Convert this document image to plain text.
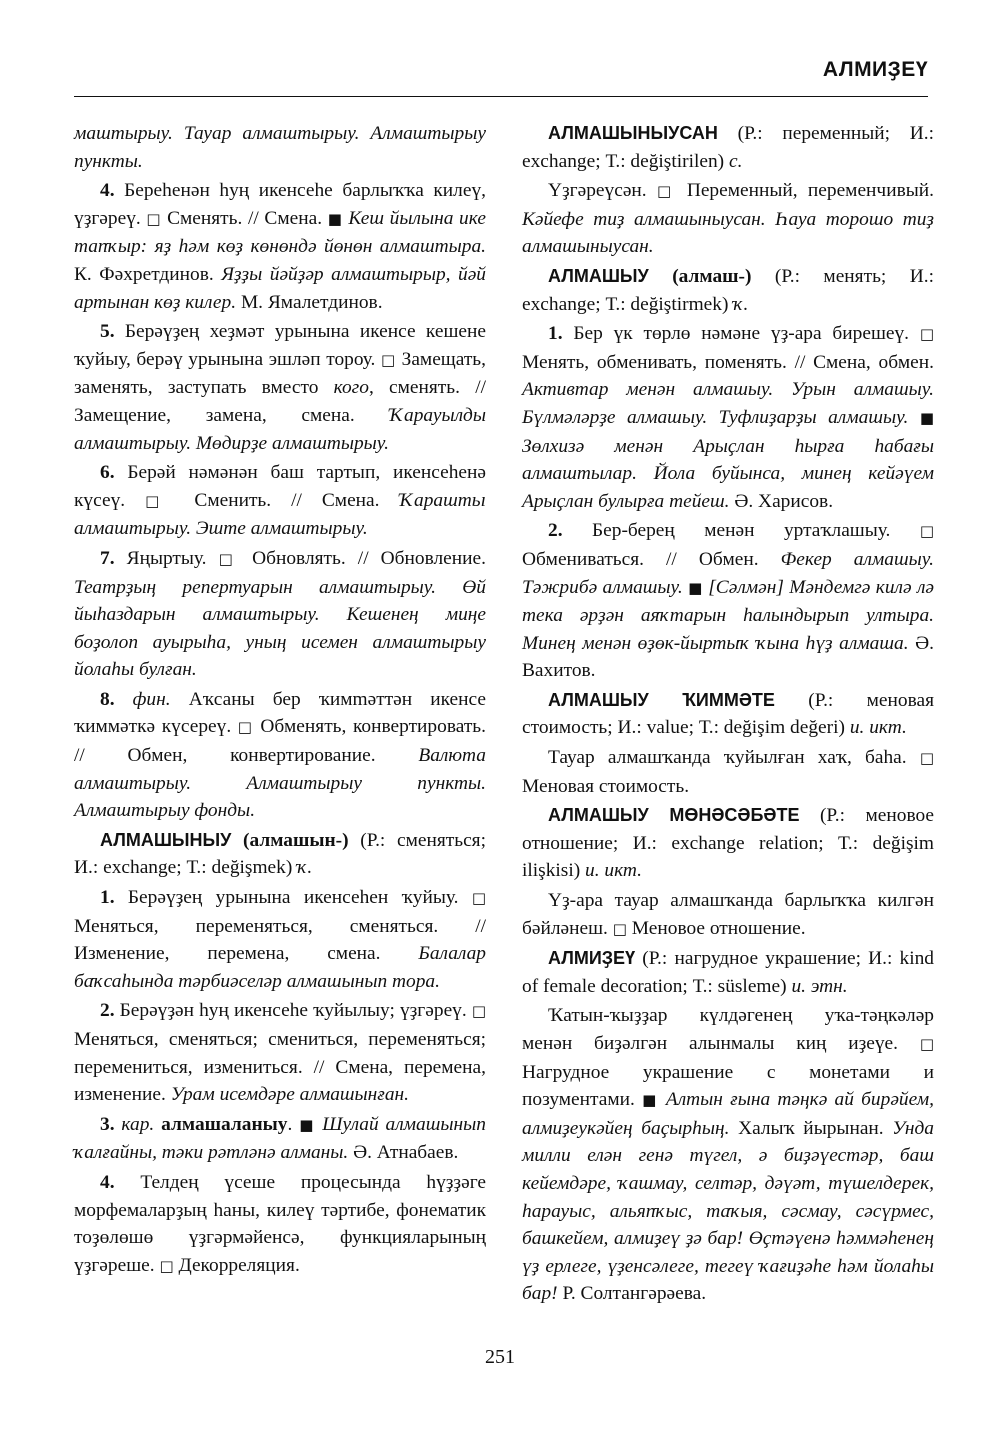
АЛМИҘЕҮ

маштырыу. Тауар алмаштырыу. Алмаштырыу пункты.

4. Береһенән һуң икенсеһе барлыҡҡа килеү, үҙгәреү. □ Сменять. // Смена. ■ Кеш йылына ике тапҡыр: яҙ һәм көҙ көнөндә йөнөн алмаштыра. К. Фәхретдинов. Яҙҙы йәйҙәр алмаштырыр, йәй артынан көҙ килер. М. Ямалетдинов.

5. Берәүҙең хеҙмәт урынына икенсе кешене ҡуйыу, берәү урынына эшләп тороу. □ Замещать, заменять, заступать вместо кого, сменять. // Замещение, замена, смена. Ҡарауылды алмаштырыу. Мөдирҙе алмаштырыу.

6. Берәй нәмәнән баш тартып, икенсеһенә күсеү. □ Сменить. // Смена. Ҡараштьı алмаштырыу. Эште алмаштырыу.

7. Яңыртыу. □ Обновлять. // Обновление. Театрҙың репертуарын алмаштырыу. Өй йыһаздарын алмаштырыу. Кешенең миңе боҙолоп ауырыһа, уның исемен алмаштырыу йолаһы булған.

8. фин. Аҡсаны бер ҡимməттән икенсе ҡиммәткә күсереү. □ Обменять, конвертировать. // Обмен, конвертирование. Валюта алмаштырыу. Алмаштырыу пункты. Алмаштырыу фонды.

АЛМАШЫНЫУ (алмашын-) (Р.: сменяться; И.: exchange; Т.: değişmek) ҡ.

1. Берәүҙең урынына икенсеһен ҡуйыу. □ Меняться, переменяться, сменяться. // Изменение, перемена, смена. Балалар баҡсаһында тәрбиәселәр алмашынып тора.

2. Берәүҙән һуң икенсеһе ҡуйылыу; үҙгәреү. □ Меняться, сменяться; смениться, переменяться; перемениться, измениться. // Смена, перемена, изменение. Урам исемдәре алмашынған.

3. кар. алмашаланыу. ■ Шулай алмашынып ҡалғайны, тәки рәтләнә алманы. Ә. Атнабаев.

4. Телдең үсеше процесында һүҙҙәге морфемаларҙың һаны, килеү тәртибе, фонематик тоҙөлөшө үҙгәрмәйенсә, функцияларының үҙгәреше. □ Декорреляция.

АЛМАШЫНЫУСАН (Р.: переменный; И.: exchange; Т.: değiştirilen) с.

Үҙгәреүсән. □ Переменный, переменчивый. Кәйефе тиҙ алмашыныусан. Һауа торошо тиҙ алмашыныусан.

АЛМАШЫУ (алмаш-) (Р.: менять; И.: exchange; Т.: değiştirmek) ҡ.

1. Бер үк төрлө нәмәне үҙ-ара бирешеү. □ Менять, обменивать, поменять. // Смена, обмен. Активтар менән алмашыу. Урын алмашыу. Бүлмәләрҙе алмашыу. Туфлиҙарҙы алмашыу. ■ Зөлхизә менән Арыҫлан һырға һабағы алмаштылар. Йола буйынса, минең кейәүем Арыҫлан булырға тейеш. Ә. Харисов.

2. Бер-берең менән уртаҡлашыу. □ Обмениваться. // Обмен. Фекер алмашыу. Тәжрибә алмашыу. ■ [Сәлмән] Мәндемгә килә лә тека әрҙән аяҡтарын һалындырып ултыра. Минең менән өҙөк-йыртыҡ ҡына һүҙ алмаша. Ә. Вахитов.

АЛМАШЫУ ҠИММӘТЕ (Р.: меновая стоимость; И.: value; Т.: değişim değeri) и. икт.

Тауар алмашҡанда ҡуйылған хаҡ, баһа. □ Меновая стоимость.

АЛМАШЫУ МӨНӘСӘБӘТЕ (Р.: меновое отношение; И.: exchange relation; Т.: değişim ilişkisi) и. икт.

Үҙ-ара тауар алмашҡанда барлыҡҡа килгән бәйләнеш. □ Меновое отношение.

АЛМИҘЕҮ (Р.: нагрудное украшение; И.: kind of female decoration; Т.: süsleme) и. этн.

Ҡатын-ҡыҙҙар күлдәгенең уҡа-тәңкәләр менән биҙәлгән алынмалы киң иҙеүе. □ Нагрудное украшение с монетами и позументами. ■ Алтын ғына тәңкә ай бирәйем, алмиҙеукәйең баҫырһың. Халыҡ йырынан. Унда милли елән генә түгел, ә биҙәүестәр, баш кейемдәре, ҡашмау, селтәр, дәүәт, түшелдерек, һарауыс, альяпҡыс, таҡыя, сәсмау, сәсүрмес, башкейем, алмиҙеү ҙә бар! Өҫтәүенә һәммәһенең үҙ ерлеге, үҙенсәлеге, тегеү ҡағиҙәһе һәм йолаһы бар! Р. Солтангәрәева.

251
